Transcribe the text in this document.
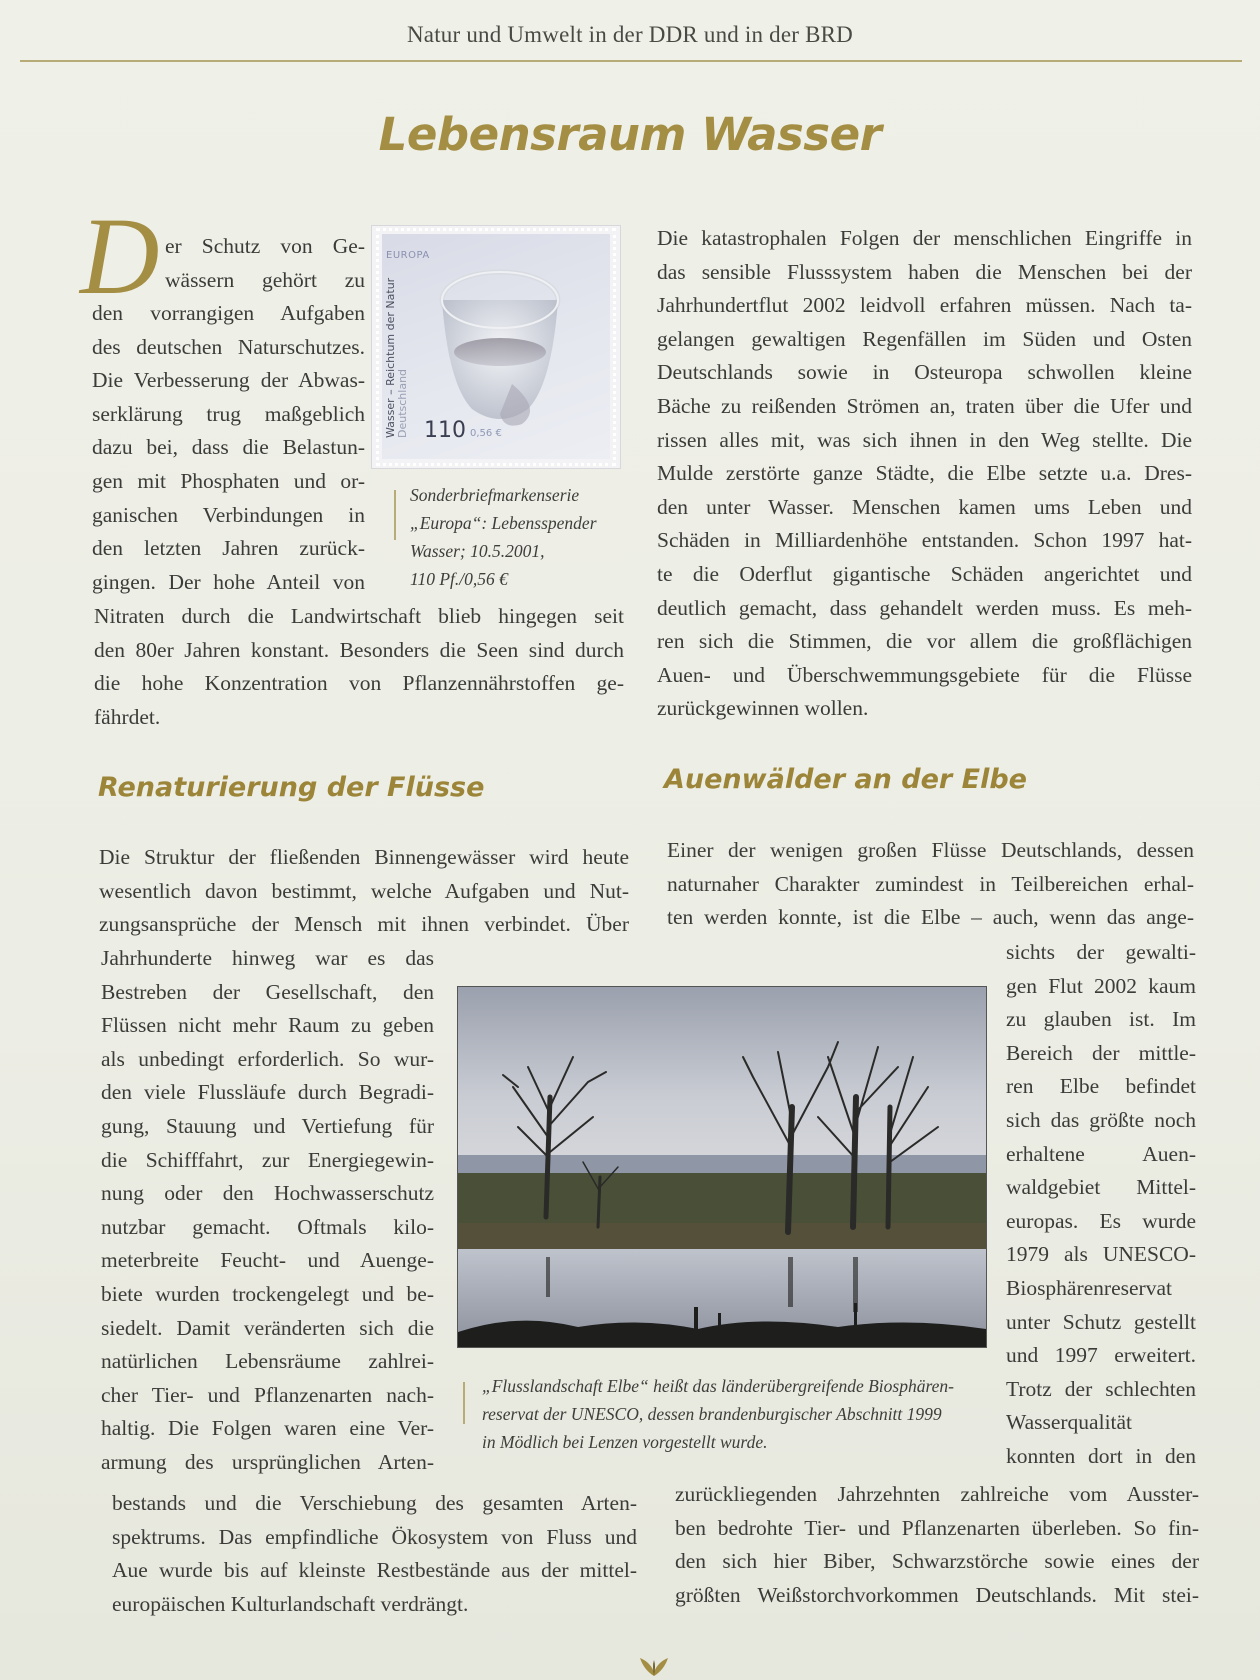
Natur und Umwelt in der DDR und in der BRD
Lebensraum Wasser
D er Schutz von Ge-
wässern gehört zu
den vorrangigen Aufgaben
des deutschen Naturschutzes.
Die Verbesserung der Abwas-
serklärung trug maßgeblich
dazu bei, dass die Belastun-
gen mit Phosphaten und or-
ganischen Verbindungen in
den letzten Jahren zurück-
gingen. Der hohe Anteil von
Nitraten durch die Landwirtschaft blieb hingegen seit
den 80er Jahren konstant. Besonders die Seen sind durch
die hohe Konzentration von Pflanzennährstoffen ge-
fährdet.
EUROPA
Wasser – Reichtum der Natur Deutschland 110 0,56 €
Sonderbriefmarkenserie
„Europa“: Lebensspender
Wasser; 10.5.2001,
110 Pf./0,56 €
Die katastrophalen Folgen der menschlichen Eingriffe in
das sensible Flusssystem haben die Menschen bei der
Jahrhundertflut 2002 leidvoll erfahren müssen. Nach ta-
gelangen gewaltigen Regenfällen im Süden und Osten
Deutschlands sowie in Osteuropa schwollen kleine
Bäche zu reißenden Strömen an, traten über die Ufer und
rissen alles mit, was sich ihnen in den Weg stellte. Die
Mulde zerstörte ganze Städte, die Elbe setzte u.a. Dres-
den unter Wasser. Menschen kamen ums Leben und
Schäden in Milliardenhöhe entstanden. Schon 1997 hat-
te die Oderflut gigantische Schäden angerichtet und
deutlich gemacht, dass gehandelt werden muss. Es meh-
ren sich die Stimmen, die vor allem die großflächigen
Auen- und Überschwemmungsgebiete für die Flüsse
zurückgewinnen wollen.
Renaturierung der Flüsse	Auenwälder an der Elbe
Die Struktur der fließenden Binnengewässer wird heute
wesentlich davon bestimmt, welche Aufgaben und Nut-
zungsansprüche der Mensch mit ihnen verbindet. Über
Jahrhunderte hinweg war es das
Bestreben der Gesellschaft, den
Flüssen nicht mehr Raum zu geben
als unbedingt erforderlich. So wur-
den viele Flussläufe durch Begradi-
gung, Stauung und Vertiefung für
die Schifffahrt, zur Energiegewin-
nung oder den Hochwasserschutz
nutzbar gemacht. Oftmals kilo-
meterbreite Feucht- und Auenge-
biete wurden trockengelegt und be-
siedelt. Damit veränderten sich die
natürlichen Lebensräume zahlrei-
cher Tier- und Pflanzenarten nach-
haltig. Die Folgen waren eine Ver-
armung des ursprünglichen Arten-
bestands und die Verschiebung des gesamten Arten-
spektrums. Das empfindliche Ökosystem von Fluss und
Aue wurde bis auf kleinste Restbestände aus der mittel-
europäischen Kulturlandschaft verdrängt.
Einer der wenigen großen Flüsse Deutschlands, dessen
naturnaher Charakter zumindest in Teilbereichen erhal-
ten werden konnte, ist die Elbe – auch, wenn das ange-
sichts der gewalti-
gen Flut 2002 kaum
zu glauben ist. Im
Bereich der mittle-
ren Elbe befindet
sich das größte noch
erhaltene Auen-
waldgebiet Mittel-
europas. Es wurde
1979 als UNESCO-
Biosphärenreservat
unter Schutz gestellt
und 1997 erweitert.
Trotz der schlechten
Wasserqualität
konnten dort in den
zurückliegenden Jahrzehnten zahlreiche vom Ausster-
ben bedrohte Tier- und Pflanzenarten überleben. So fin-
den sich hier Biber, Schwarzstörche sowie eines der
größten Weißstorchvorkommen Deutschlands. Mit stei-
„Flusslandschaft Elbe“ heißt das länderübergreifende Biosphären-
reservat der UNESCO, dessen brandenburgischer Abschnitt 1999
in Mödlich bei Lenzen vorgestellt wurde.
